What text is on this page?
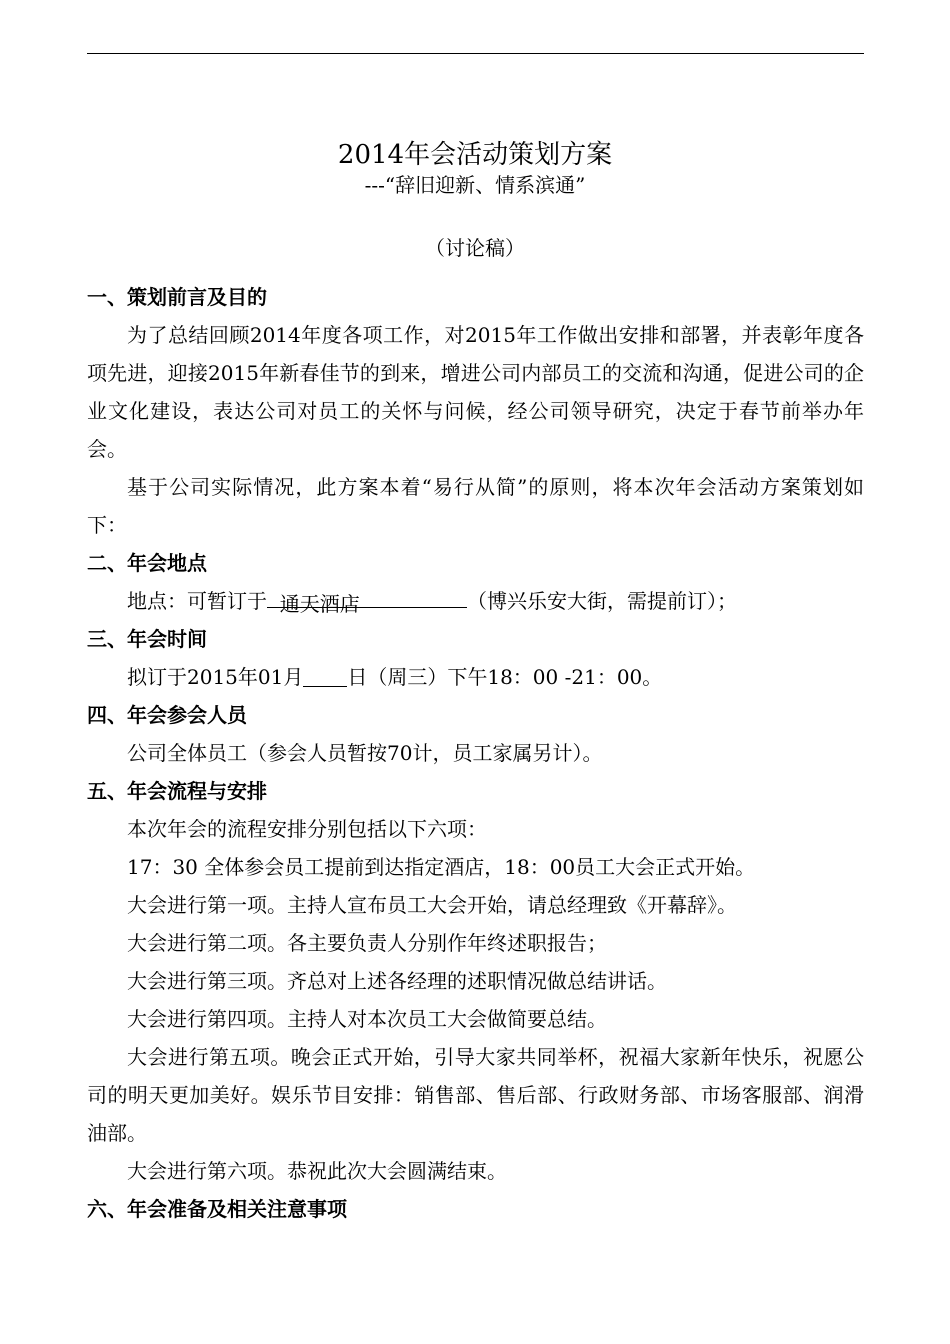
2014年会活动策划方案
---“辞旧迎新、情系滨通”
（讨论稿）
一、策划前言及目的
为了总结回顾2014年度各项工作，对2015年工作做出安排和部署，并表彰年度各项先进，迎接2015年新春佳节的到来，增进公司内部员工的交流和沟通，促进公司的企业文化建设，表达公司对员工的关怀与问候，经公司领导研究，决定于春节前举办年会。
基于公司实际情况，此方案本着“易行从简”的原则，将本次年会活动方案策划如下：
二、年会地点
地点：可暂订于  通天酒店	（博兴乐安大街，需提前订）；
三、年会时间
拟订于2015年01月 日（周三）下午18：00 -21：00。
四、年会参会人员
公司全体员工（参会人员暂按70计，员工家属另计）。
五、年会流程与安排
本次年会的流程安排分别包括以下六项：
17：30 全体参会员工提前到达指定酒店，18：00员工大会正式开始。
大会进行第一项。主持人宣布员工大会开始，请总经理致《开幕辞》。
大会进行第二项。各主要负责人分别作年终述职报告；
大会进行第三项。齐总对上述各经理的述职情况做总结讲话。
大会进行第四项。主持人对本次员工大会做简要总结。
大会进行第五项。晚会正式开始，引导大家共同举杯，祝福大家新年快乐，祝愿公司的明天更加美好。娱乐节目安排：销售部、售后部、行政财务部、市场客服部、润滑油部。
大会进行第六项。恭祝此次大会圆满结束。
六、年会准备及相关注意事项
